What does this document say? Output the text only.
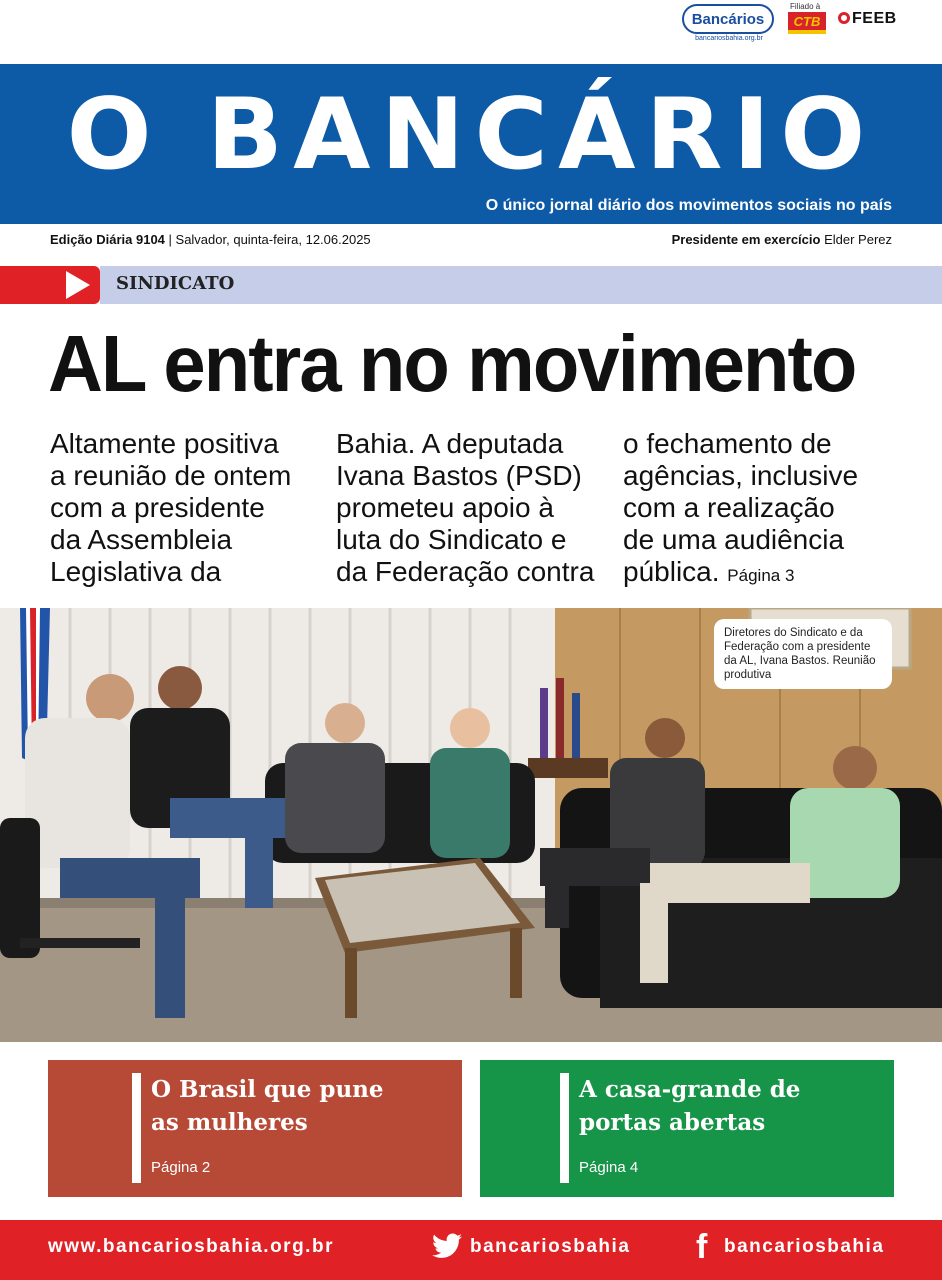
Bancários
bancariosbahia.org.br
Filiado à
CTB	FEEB
O BANCÁRIO
O único jornal diário dos movimentos sociais no país
Edição Diária 9104 | Salvador, quinta-feira, 12.06.2025	Presidente em exercício Elder Perez
SINDICATO
AL entra no movimento
Altamente positiva
a reunião de ontem
com a presidente
da Assembleia
Legislativa da
Bahia. A deputada
Ivana Bastos (PSD)
prometeu apoio à
luta do Sindicato e
da Federação contra
o fechamento de
agências, inclusive
com a realização
de uma audiência
pública. Página 3
Diretores do Sindicato e da Federação com a presidente da AL, Ivana Bastos. Reunião produtiva
O Brasil que pune as mulheres
Página 2
A casa-grande de portas abertas
Página 4
www.bancariosbahia.org.br	bancariosbahia f bancariosbahia
